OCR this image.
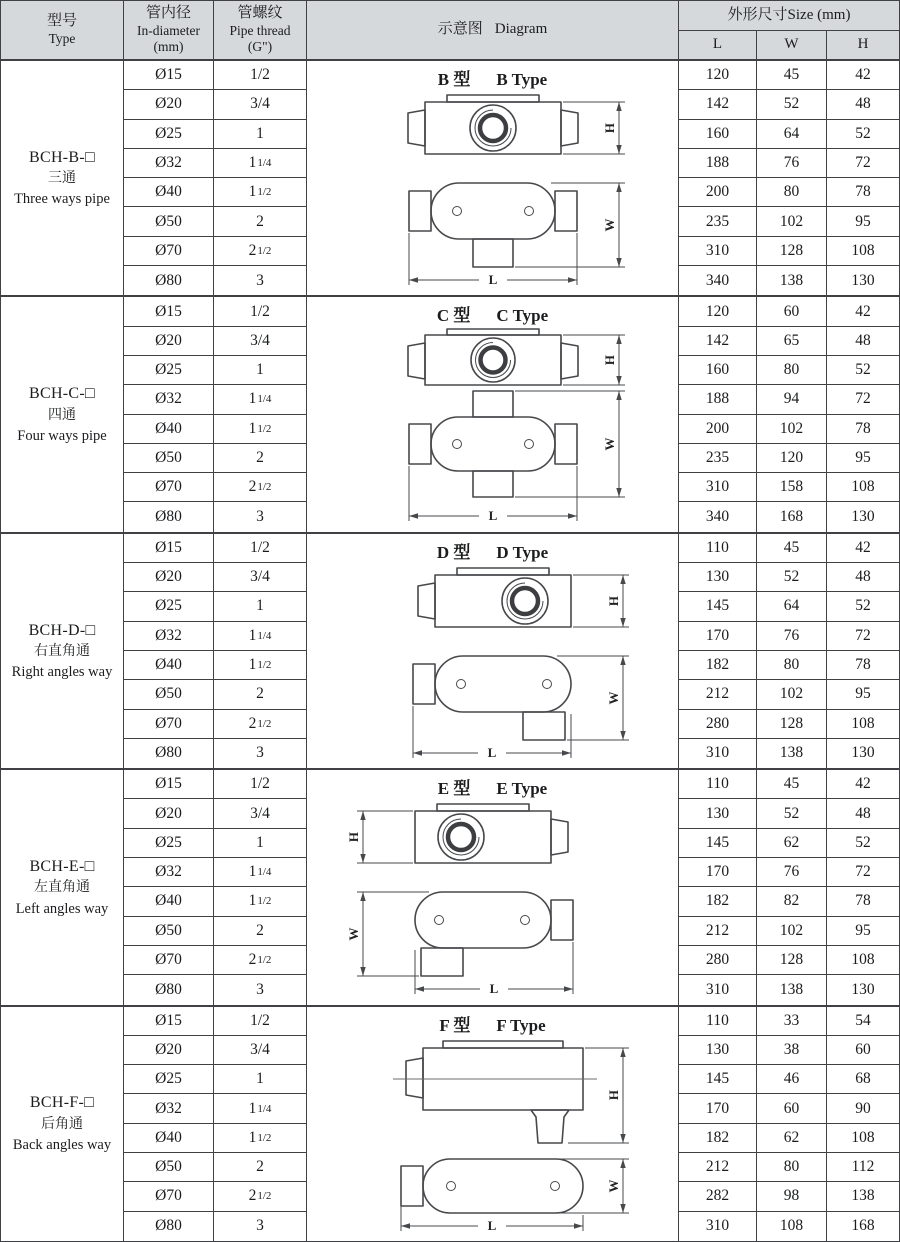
型号
Type
管内径
In-diameter
(mm)
管螺纹
Pipe thread
(G")
示意图 Diagram
外形尺寸Size (mm)
L	W	H
BCH-B-□
三通
Three ways pipe
B 型 B Type
H
W
L
Ø15	1/2	120	45	42
Ø20	3/4	142	52	48
Ø25	1	160	64	52
Ø32	1 1/4	188	76	72
Ø40	1 1/2	200	80	78
Ø50	2	235	102	95
Ø70	2 1/2	310	128	108
Ø80	3	340	138	130
BCH-C-□
四通
Four ways pipe
C 型 C Type
H
W
L
Ø15	1/2	120	60	42
Ø20	3/4	142	65	48
Ø25	1	160	80	52
Ø32	1 1/4	188	94	72
Ø40	1 1/2	200	102	78
Ø50	2	235	120	95
Ø70	2 1/2	310	158	108
Ø80	3	340	168	130
BCH-D-□
右直角通
Right angles way
D 型 D Type
H
W
L
Ø15	1/2	110	45	42
Ø20	3/4	130	52	48
Ø25	1	145	64	52
Ø32	1 1/4	170	76	72
Ø40	1 1/2	182	80	78
Ø50	2	212	102	95
Ø70	2 1/2	280	128	108
Ø80	3	310	138	130
BCH-E-□
左直角通
Left angles way
E 型 E Type
H
W
L
Ø15	1/2	110	45	42
Ø20	3/4	130	52	48
Ø25	1	145	62	52
Ø32	1 1/4	170	76	72
Ø40	1 1/2	182	82	78
Ø50	2	212	102	95
Ø70	2 1/2	280	128	108
Ø80	3	310	138	130
BCH-F-□
后角通
Back angles way
F 型 F Type
H
W
L
Ø15	1/2	110	33	54
Ø20	3/4	130	38	60
Ø25	1	145	46	68
Ø32	1 1/4	170	60	90
Ø40	1 1/2	182	62	108
Ø50	2	212	80	112
Ø70	2 1/2	282	98	138
Ø80	3	310	108	168
